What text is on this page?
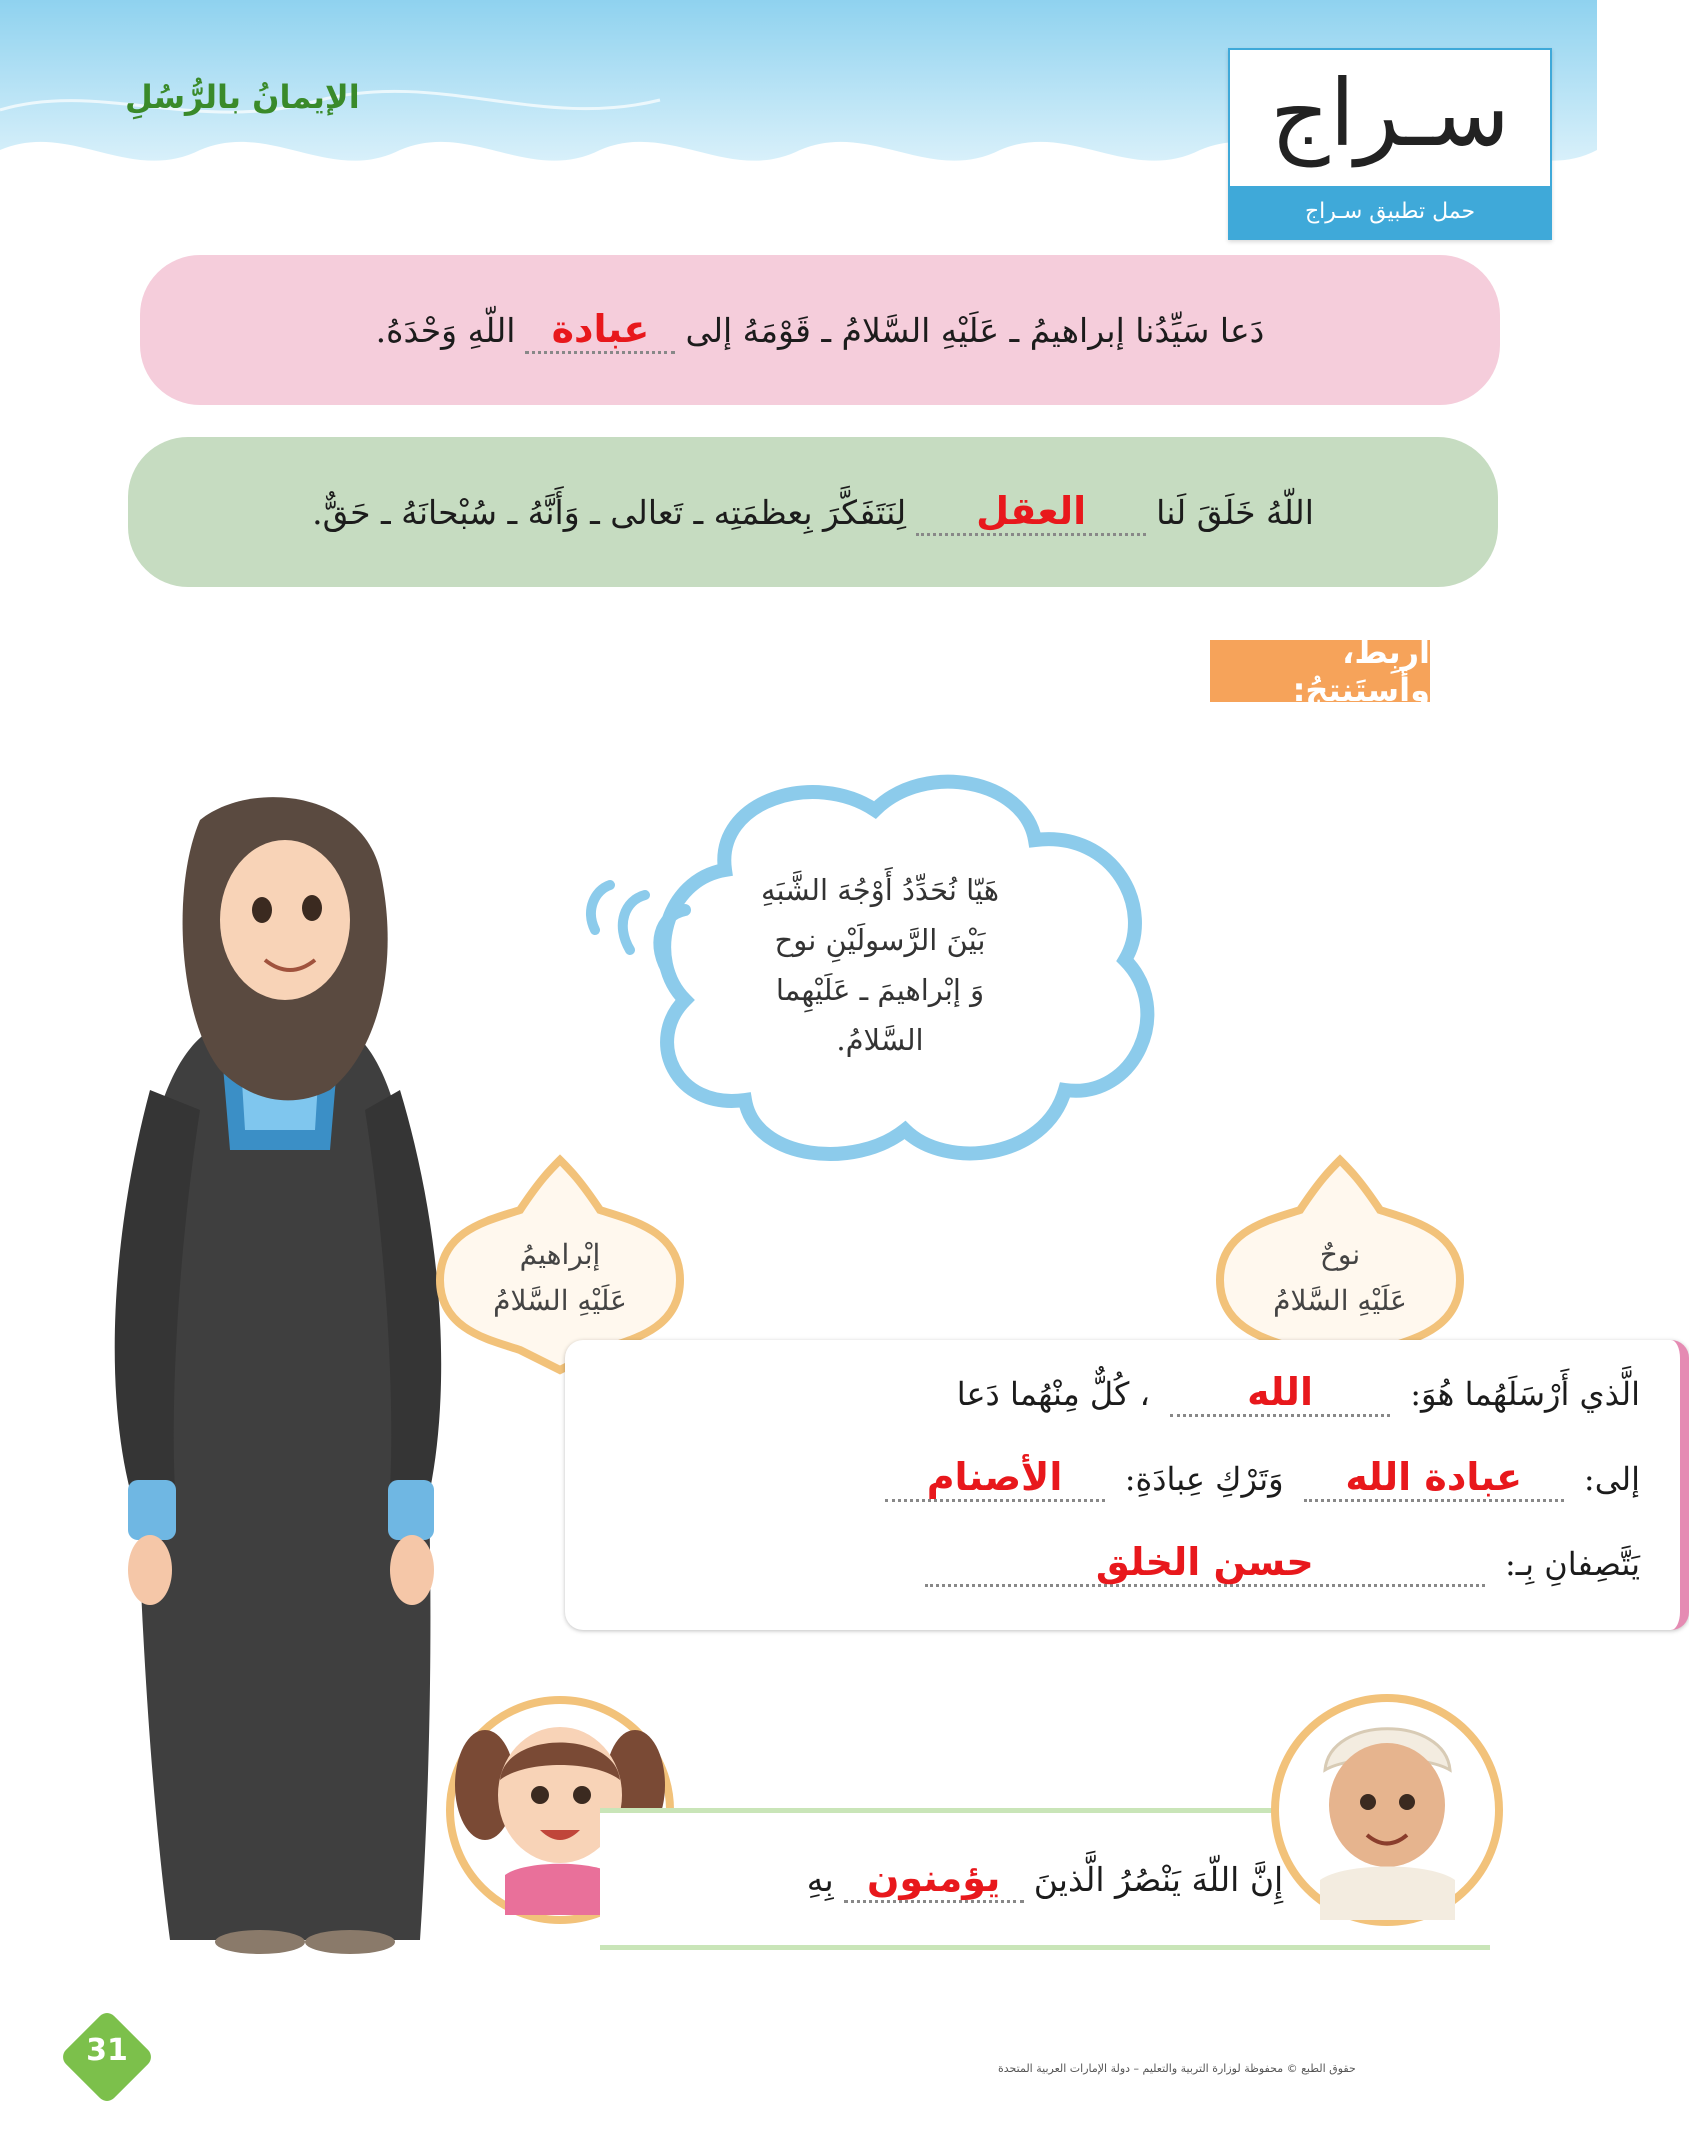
الإيمانُ بالرُّسُلِ	سـراج
حمل تطبيق سـراج
دَعا سَيِّدُنا إبراهيمُ ـ عَلَيْهِ السَّلامُ ـ قَوْمَهُ إلى
عبادة
اللّهِ وَحْدَهُ.
اللّهُ خَلَقَ لَنا
العقل
لِنَتَفَكَّرَ بِعظمَتِه ـ تَعالى ـ وَأَنَّهُ ـ سُبْحانَهُ ـ حَقٌّ.
أربِطُ، وأستَنتِجُ:
هَيّا نُحَدِّدُ أَوْجُهَ الشَّبَهِ
بَيْنَ الرَّسولَيْنِ نوح
وَ إبْراهيمَ ـ عَلَيْهِما
السَّلامُ.
إبْراهيمُ
عَلَيْهِ السَّلامُ
نوحٌ
عَلَيْهِ السَّلامُ
الَّذي أَرْسَلَهُما هُوَ: الله ، كُلٌّ مِنْهُما دَعا
إلى: عبادة الله وَتَرْكِ عِبادَةِ: الأصنام
يَتَّصِفانِ بِـ: حسن الخلق
إِنَّ اللّهَ يَنْصُرُ الَّذينَ
يؤمنون
بِهِ
حقوق الطبع © محفوظة لوزارة التربية والتعليم – دولة الإمارات العربية المتحدة
31
